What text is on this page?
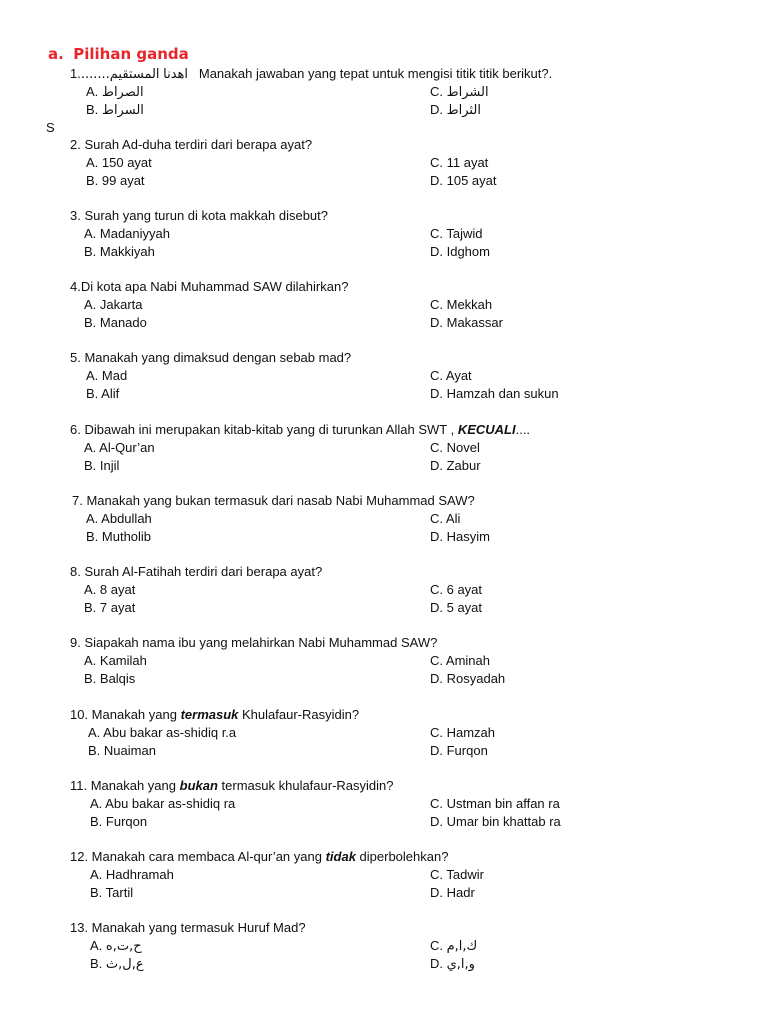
a. Pilihan ganda
1.المستقيم....... اهدنا Manakah jawaban yang tepat untuk mengisi titik titik berikut?.
A. الصراط	C. الشراط
B. السراط	D. الثراط
S
2. Surah Ad-duha terdiri dari berapa ayat?
A. 150 ayat	C. 11 ayat
B. 99 ayat	D. 105 ayat
3. Surah yang turun di kota makkah disebut?
A. Madaniyyah	C. Tajwid
B. Makkiyah	D. Idghom
4.Di kota apa Nabi Muhammad SAW dilahirkan?
A. Jakarta	C. Mekkah
B. Manado	D. Makassar
5. Manakah yang dimaksud dengan sebab mad?
A. Mad	C. Ayat
B. Alif	D. Hamzah dan sukun
6. Dibawah ini merupakan kitab-kitab yang di turunkan Allah SWT , KECUALI....
A. Al-Qur’an	C. Novel
B. Injil	D. Zabur
7. Manakah yang bukan termasuk dari nasab Nabi Muhammad SAW?
A. Abdullah	C. Ali
B. Mutholib	D. Hasyim
8. Surah Al-Fatihah terdiri dari berapa ayat?
A. 8 ayat	C. 6 ayat
B. 7 ayat	D. 5 ayat
9. Siapakah nama ibu yang melahirkan Nabi Muhammad SAW?
A. Kamilah	C. Aminah
B. Balqis	D. Rosyadah
10. Manakah yang termasuk Khulafaur-Rasyidin?
A. Abu bakar as-shidiq r.a	C. Hamzah
B. Nuaiman	D. Furqon
11. Manakah yang bukan termasuk khulafaur-Rasyidin?
A. Abu bakar as-shidiq ra	C. Ustman bin affan ra
B. Furqon	D. Umar bin khattab ra
12. Manakah cara membaca Al-qur’an yang tidak diperbolehkan?
A. Hadhramah	C. Tadwir
B. Tartil	D. Hadr
13. Manakah yang termasuk Huruf Mad?
A. ح,ت,ه	C. ك,ا,م
B. ع,ل,ث	D. و,ا,ي
